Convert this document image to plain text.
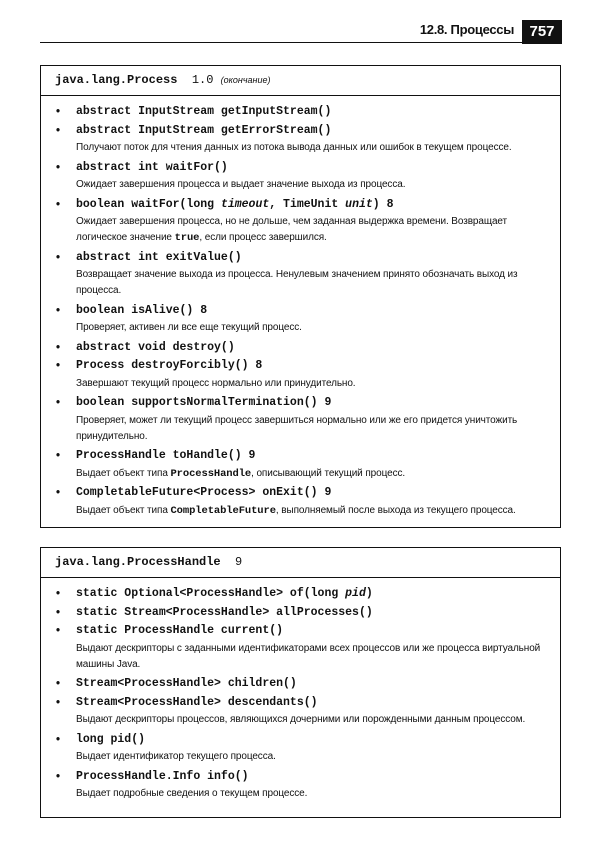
12.8. Процессы	757
java.lang.Process 1.0 (окончание)
• abstract InputStream getInputStream()
• abstract InputStream getErrorStream()
Получают поток для чтения данных из потока вывода данных или ошибок в текущем процессе.
• abstract int waitFor()
Ожидает завершения процесса и выдает значение выхода из процесса.
• boolean waitFor(long timeout, TimeUnit unit) 8
Ожидает завершения процесса, но не дольше, чем заданная выдержка времени. Возвращает логическое значение true, если процесс завершился.
• abstract int exitValue()
Возвращает значение выхода из процесса. Ненулевым значением принято обозначать выход из процесса.
• boolean isAlive() 8
Проверяет, активен ли все еще текущий процесс.
• abstract void destroy()
• Process destroyForcibly() 8
Завершают текущий процесс нормально или принудительно.
• boolean supportsNormalTermination() 9
Проверяет, может ли текущий процесс завершиться нормально или же его придется уничтожить принудительно.
• ProcessHandle toHandle() 9
Выдает объект типа ProcessHandle, описывающий текущий процесс.
• CompletableFuture<Process> onExit() 9
Выдает объект типа CompletableFuture, выполняемый после выхода из текущего процесса.
java.lang.ProcessHandle 9
• static Optional<ProcessHandle> of(long pid)
• static Stream<ProcessHandle> allProcesses()
• static ProcessHandle current()
Выдают дескрипторы с заданными идентификаторами всех процессов или же процесса виртуальной машины Java.
• Stream<ProcessHandle> children()
• Stream<ProcessHandle> descendants()
Выдают дескрипторы процессов, являющихся дочерними или порожденными данным процессом.
• long pid()
Выдает идентификатор текущего процесса.
• ProcessHandle.Info info()
Выдает подробные сведения о текущем процессе.
